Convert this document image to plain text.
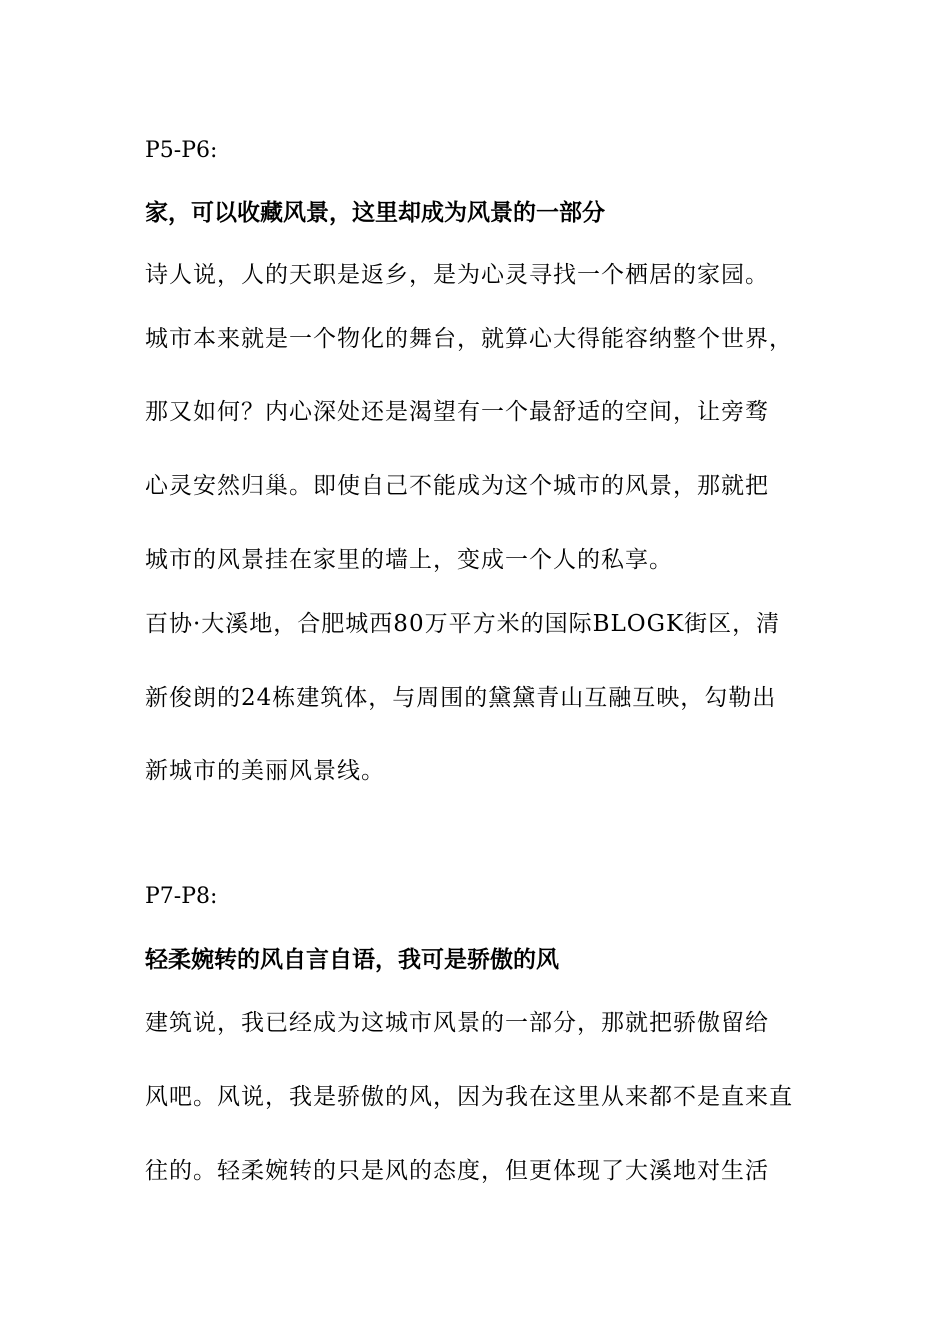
P5-P6:
家，可以收藏风景，这里却成为风景的一部分
诗人说，人的天职是返乡，是为心灵寻找一个栖居的家园。
城市本来就是一个物化的舞台，就算心大得能容纳整个世界，
那又如何？内心深处还是渴望有一个最舒适的空间，让旁骛
心灵安然归巢。即使自己不能成为这个城市的风景，那就把
城市的风景挂在家里的墙上，变成一个人的私享。
百协·大溪地，合肥城西80万平方米的国际BLOGK街区，清
新俊朗的24栋建筑体，与周围的黛黛青山互融互映，勾勒出
新城市的美丽风景线。
P7-P8:
轻柔婉转的风自言自语，我可是骄傲的风
建筑说，我已经成为这城市风景的一部分，那就把骄傲留给
风吧。风说，我是骄傲的风，因为我在这里从来都不是直来直
往的。轻柔婉转的只是风的态度，但更体现了大溪地对生活
